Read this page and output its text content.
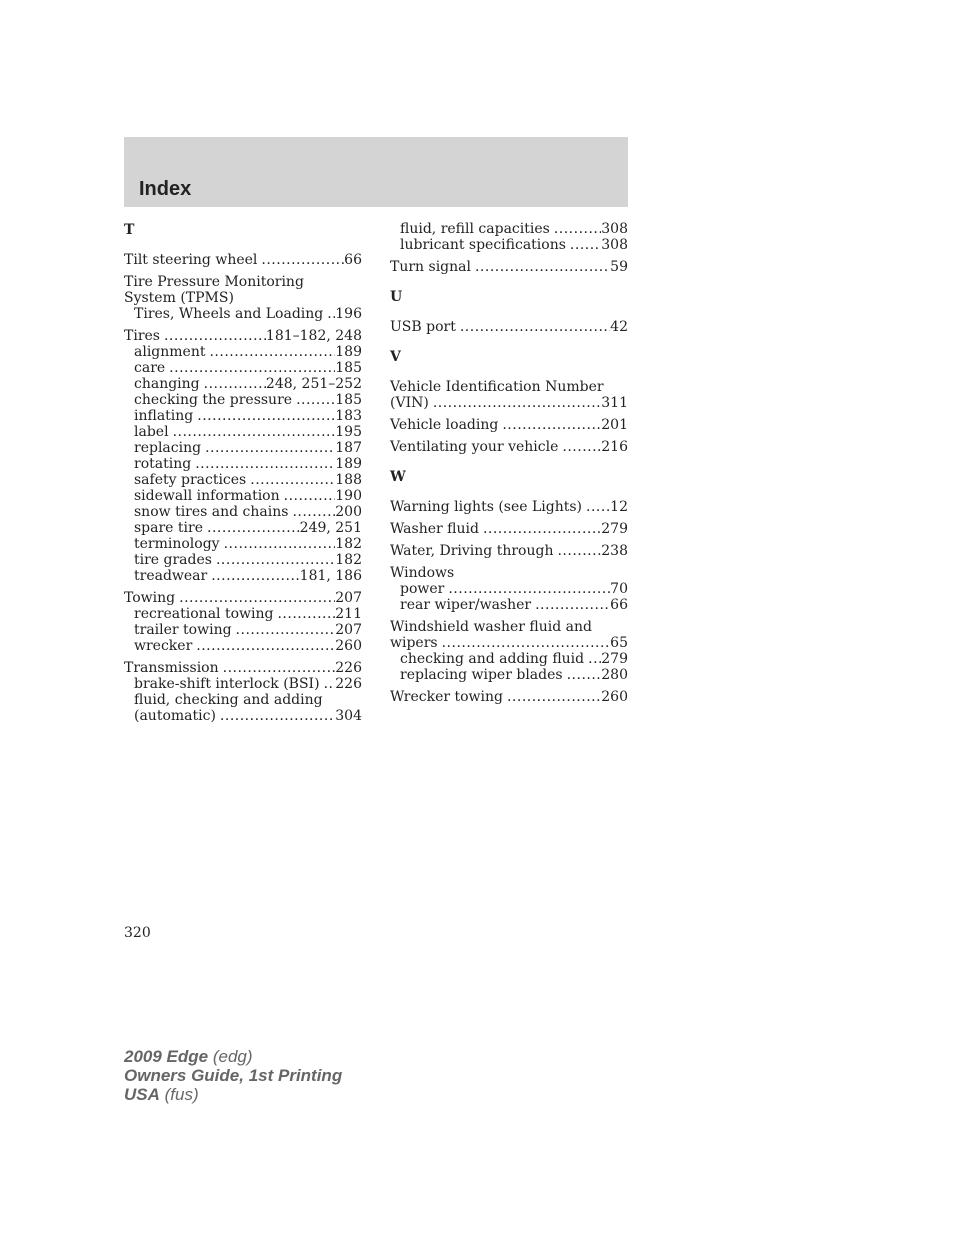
Index
T
Tilt steering wheel .....	66
Tire Pressure Monitoring
System (TPMS)
Tires, Wheels and Loading ..... 196
Tires .....	181–182, 248
alignment .....	189
care .....	185
changing .....	248, 251–252
checking the pressure .....	185
inflating .....	183
label .....	195
replacing .....	187
rotating .....	189
safety practices .....	188
sidewall information .....	190
snow tires and chains .....	200
spare tire .....	249, 251
terminology .....	182
tire grades .....	182
treadwear .....	181, 186
Towing .....	207
recreational towing .....	211
trailer towing .....	207
wrecker .....	260
Transmission .....	226
brake-shift interlock (BSI) ..... 226
fluid, checking and adding
(automatic) .....	304
fluid, refill capacities .....	308
lubricant specifications .....	308
Turn signal .....	59
U
USB port .....	42
V
Vehicle Identification Number
(VIN) .....	311
Vehicle loading .....	201
Ventilating your vehicle .....	216
W
Warning lights (see Lights) ..... 12
Washer fluid .....	279
Water, Driving through .....	238
Windows
power .....	70
rear wiper/washer .....	66
Windshield washer fluid and
wipers .....	65
checking and adding fluid ..... 279
replacing wiper blades .....	280
Wrecker towing .....	260
320
2009 Edge (edg)
Owners Guide, 1st Printing
USA (fus)
